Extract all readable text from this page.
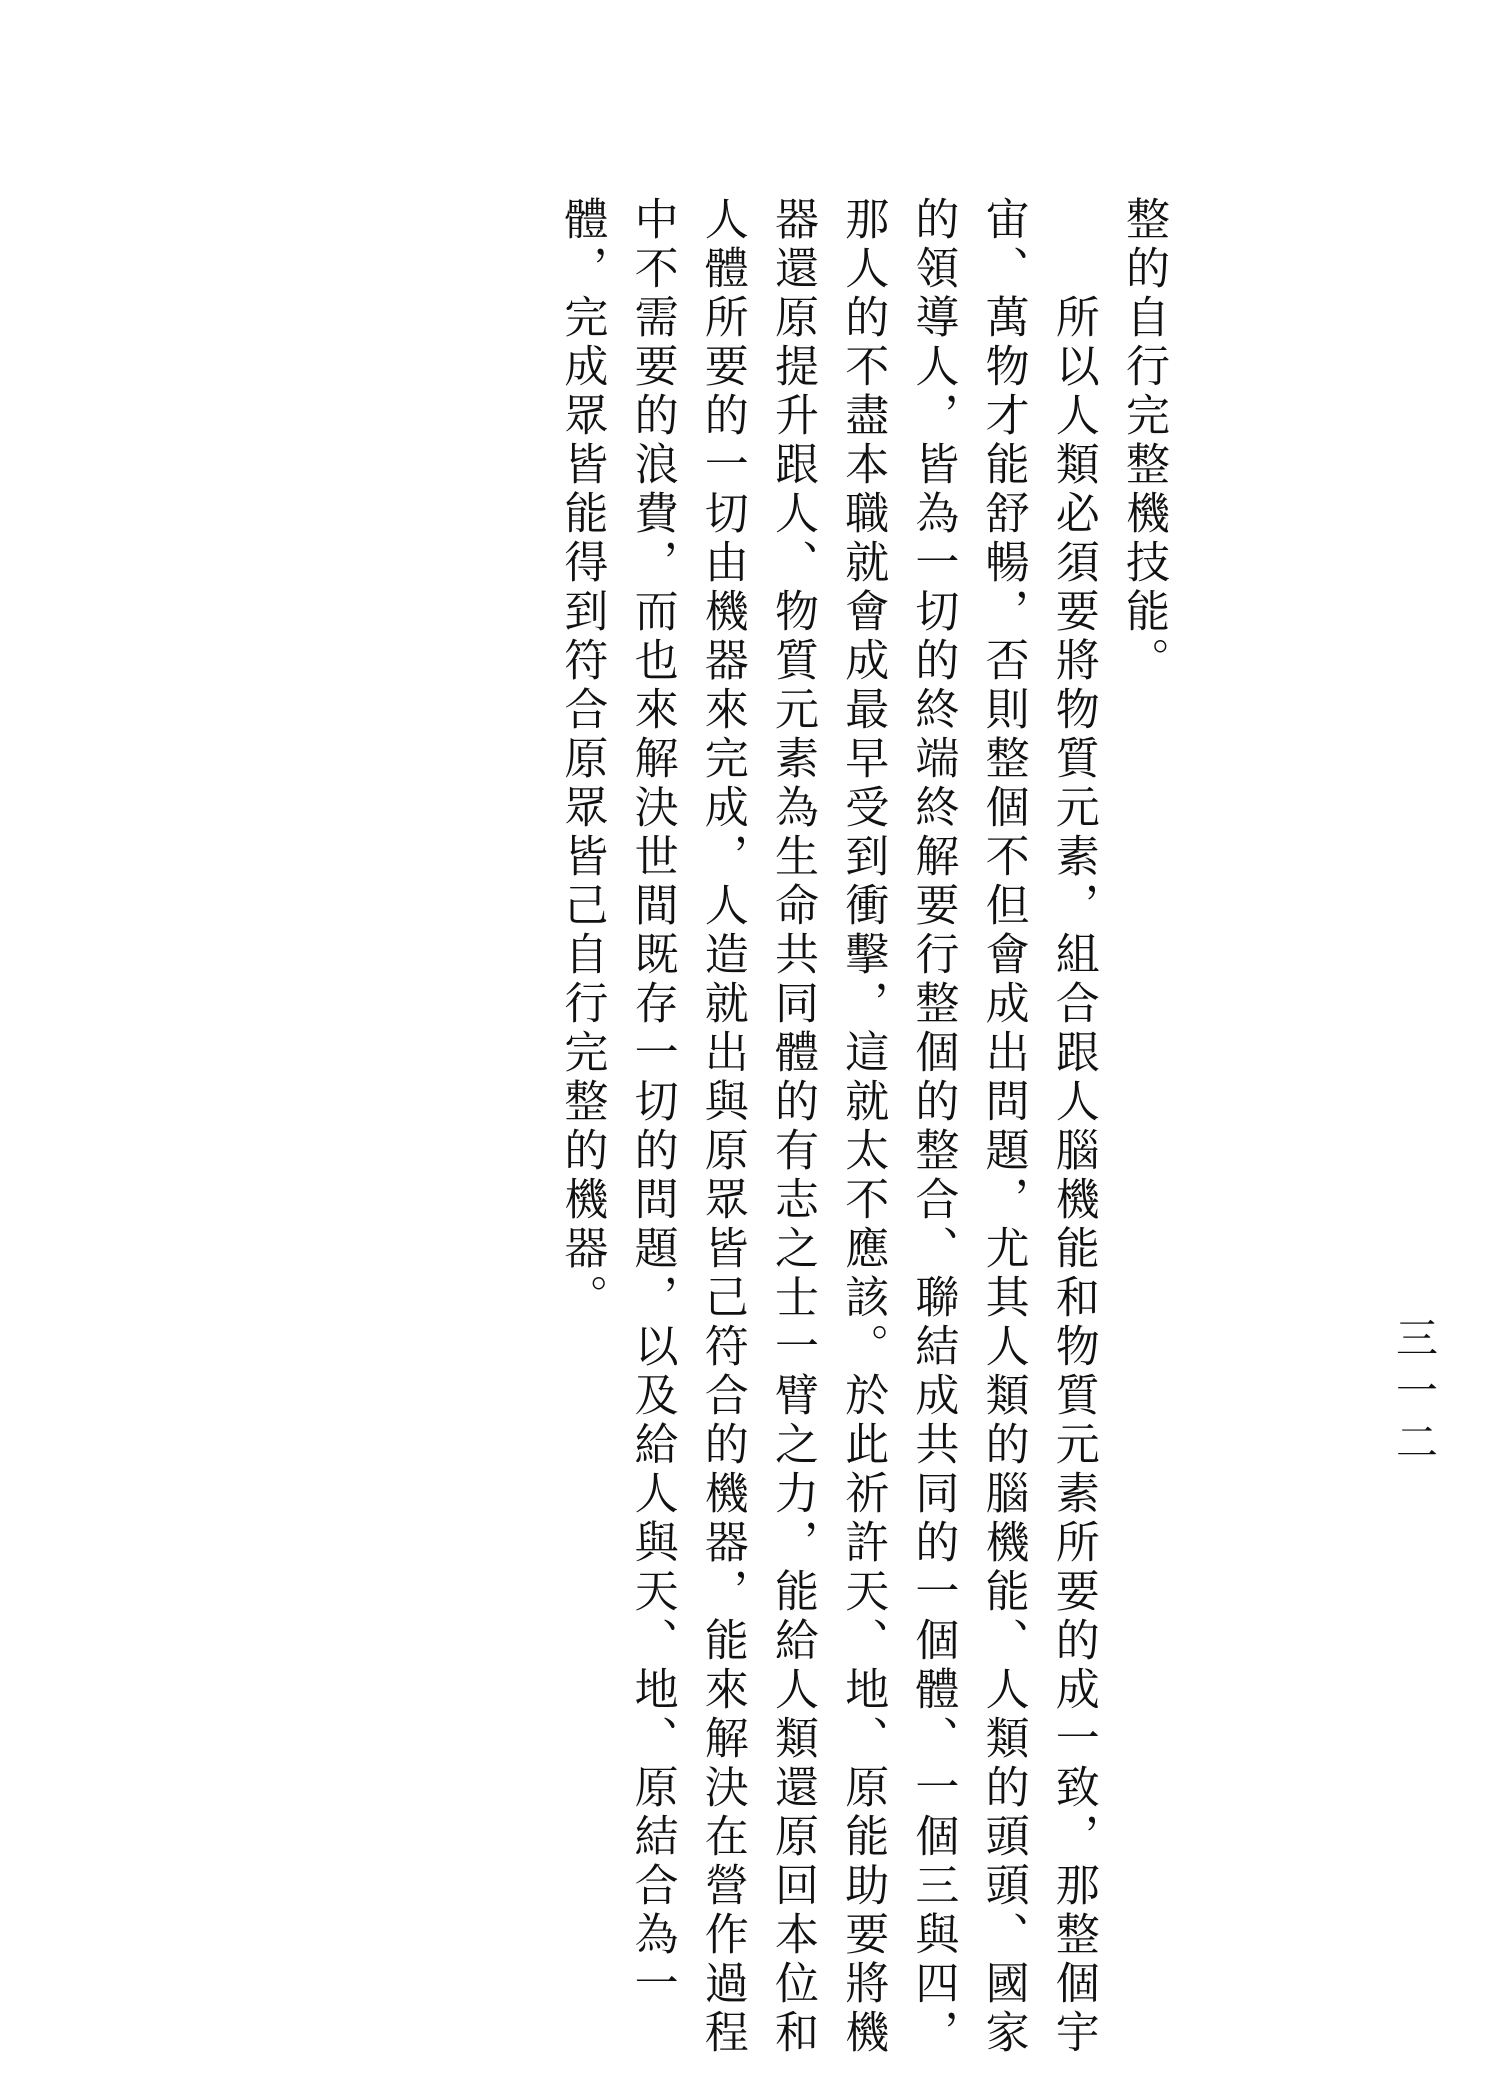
整的自行完整機技能。
　　所以人類必須要將物質元素，組合跟人腦機能和物質元素所要的成一致，那整個宇
宙、萬物才能舒暢，否則整個不但會成出問題，尤其人類的腦機能、人類的頭頭、國家
的領導人，皆為一切的終端終解要行整個的整合、聯結成共同的一個體、一個三與四，
那人的不盡本職就會成最早受到衝擊，這就太不應該。於此祈許天、地、原能助要將機
器還原提升跟人、物質元素為生命共同體的有志之士一臂之力，能給人類還原回本位和
人體所要的一切由機器來完成，人造就出與原眾皆己符合的機器，能來解決在營作過程
中不需要的浪費，而也來解決世間既存一切的問題，以及給人與天、地、原結合為一
體，完成眾皆能得到符合原眾皆己自行完整的機器。
三一二
